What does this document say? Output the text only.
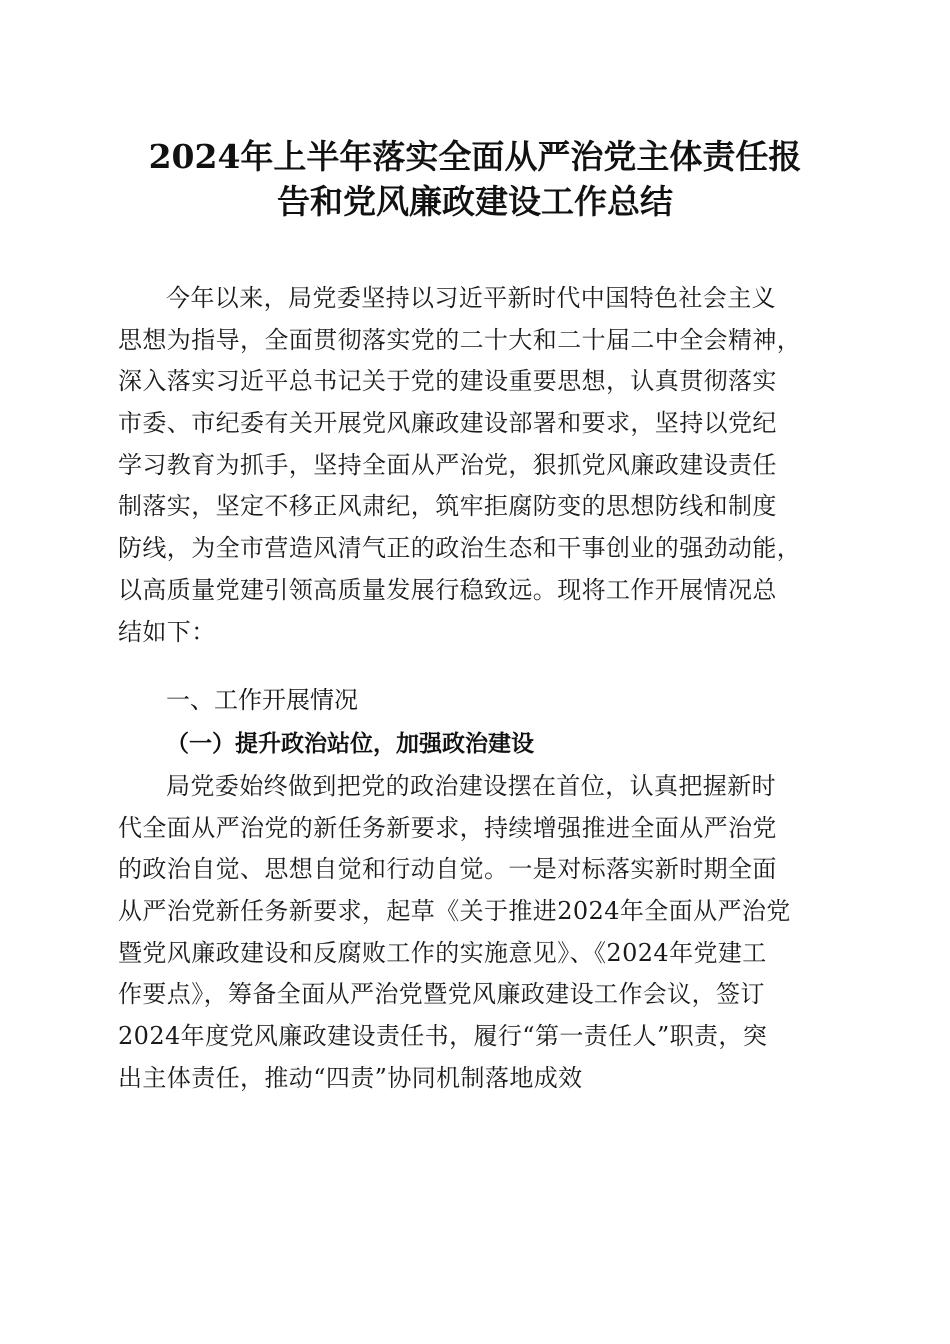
2024年上半年落实全面从严治党主体责任报
告和党风廉政建设工作总结
今年以来，局党委坚持以习近平新时代中国特色社会主义
思想为指导，全面贯彻落实党的二十大和二十届二中全会精神，
深入落实习近平总书记关于党的建设重要思想，认真贯彻落实
市委、市纪委有关开展党风廉政建设部署和要求，坚持以党纪
学习教育为抓手，坚持全面从严治党，狠抓党风廉政建设责任
制落实，坚定不移正风肃纪，筑牢拒腐防变的思想防线和制度
防线，为全市营造风清气正的政治生态和干事创业的强劲动能，
以高质量党建引领高质量发展行稳致远。现将工作开展情况总
结如下：
一、工作开展情况
（一）提升政治站位，加强政治建设
局党委始终做到把党的政治建设摆在首位，认真把握新时
代全面从严治党的新任务新要求，持续增强推进全面从严治党
的政治自觉、思想自觉和行动自觉。一是对标落实新时期全面
从严治党新任务新要求，起草《关于推进2024年全面从严治党
暨党风廉政建设和反腐败工作的实施意见》、《2024年党建工
作要点》，筹备全面从严治党暨党风廉政建设工作会议，签订
2024年度党风廉政建设责任书，履行“第一责任人”职责，突
出主体责任，推动“四责”协同机制落地成效
